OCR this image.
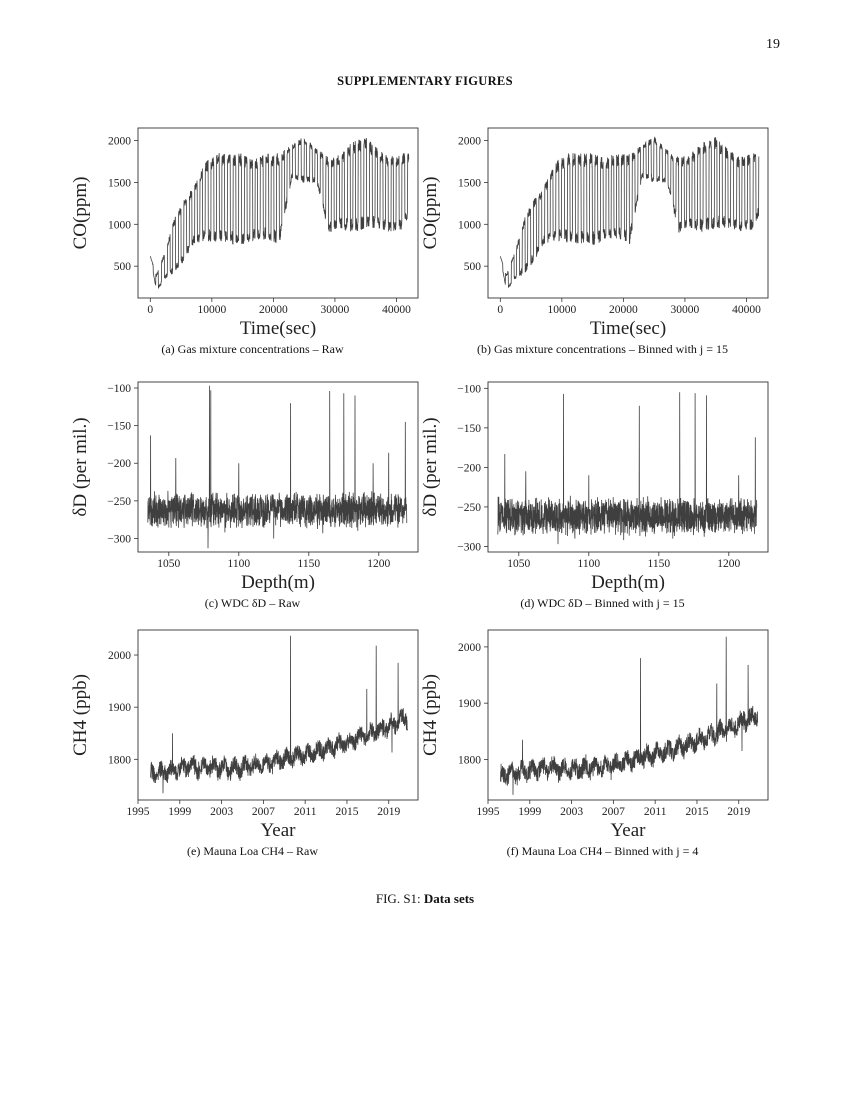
19
SUPPLEMENTARY FIGURES
0	10000	20000	30000	40000
500
1000
1500
2000
Time(sec)
CO(ppm)
(a) Gas mixture concentrations – Raw
0	10000	20000	30000	40000
500
1000
1500
2000
Time(sec)
CO(ppm)
(b) Gas mixture concentrations – Binned with j = 15
1050	1100	1150	1200
−300
−250
−200
−150
−100
Depth(m)
δD (per mil.)
(c) WDC δD – Raw
1050	1100	1150	1200
−300
−250
−200
−150
−100
Depth(m)
δD (per mil.)
(d) WDC δD – Binned with j = 15
1995 1999 2003 2007 2011 2015 2019
1800
1900
2000
Year
CH4 (ppb)
(e) Mauna Loa CH4 – Raw
1995 1999 2003 2007 2011 2015 2019
1800
1900
2000
Year
CH4 (ppb)
(f) Mauna Loa CH4 – Binned with j = 4
FIG. S1: Data sets
